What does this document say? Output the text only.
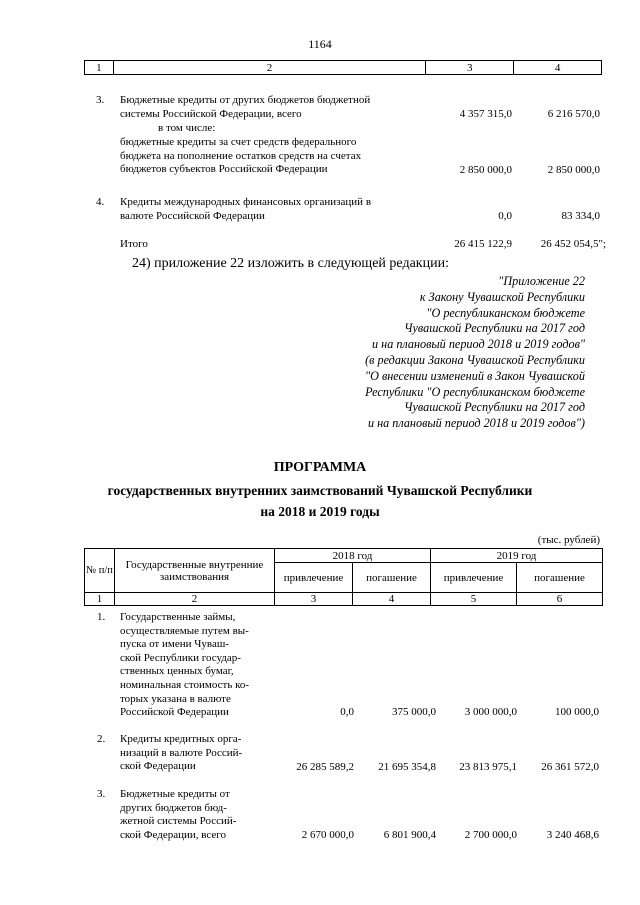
1164
1	2	3	4
3. Бюджетные кредиты от других бюджетов бюджетной
системы Российской Федерации, всего	4 357 315,0	6 216 570,0
в том числе:
бюджетные кредиты за счет средств федерального
бюджета на пополнение остатков средств на счетах
бюджетов субъектов Российской Федерации	2 850 000,0	2 850 000,0
4. Кредиты международных финансовых организаций в
валюте Российской Федерации	0,0	83 334,0
Итого	26 415 122,9	26 452 054,5";
24) приложение 22 изложить в следующей редакции:
"Приложение 22
к Закону Чувашской Республики
"О республиканском бюджете
Чувашской Республики на 2017 год
и на плановый период 2018 и 2019 годов"
(в редакции Закона Чувашской Республики
"О внесении изменений в Закон Чувашской
Республики "О республиканском бюджете
Чувашской Республики на 2017 год
и на плановый период 2018 и 2019 годов")
ПРОГРАММА
государственных внутренних заимствований Чувашской Республики
на 2018 и 2019 годы
(тыс. рублей)
№ п/п	Государственные внутренние заимствования	2018 год		2019 год	
		привлечение	погашение	привлечение	погашение
1	2	3	4	5	6
1. Государственные займы,
осуществляемые путем вы-
пуска от имени Чуваш-
ской Республики государ-
ственных ценных бумаг,
номинальная стоимость ко-
торых указана в валюте
Российской Федерации	0,0	375 000,0	3 000 000,0	100 000,0
2. Кредиты кредитных орга-
низаций в валюте Россий-
ской Федерации	26 285 589,2	21 695 354,8	23 813 975,1	26 361 572,0
3. Бюджетные кредиты от
других бюджетов бюд-
жетной системы Россий-
ской Федерации, всего	2 670 000,0	6 801 900,4	2 700 000,0	3 240 468,6
